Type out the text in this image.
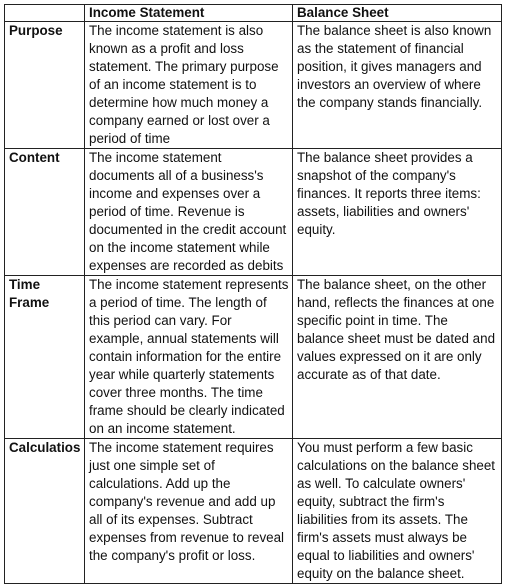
	Income Statement	Balance Sheet
Purpose	The income statement is also known as a profit and loss statement. The primary purpose of an income statement is to determine how much money a company earned or lost over a period of time	The balance sheet is also known as the statement of financial position, it gives managers and investors an overview of where the company stands financially.
Content	The income statement documents all of a business's income and expenses over a period of time. Revenue is documented in the credit account on the income statement while expenses are recorded as debits	The balance sheet provides a snapshot of the company's finances. It reports three items: assets, liabilities and owners' equity.
Time Frame	The income statement represents a period of time. The length of this period can vary. For example, annual statements will contain information for the entire year while quarterly statements cover three months. The time frame should be clearly indicated on an income statement.	The balance sheet, on the other hand, reflects the finances at one specific point in time. The balance sheet must be dated and values expressed on it are only accurate as of that date.
Calculatios	The income statement requires just one simple set of calculations. Add up the company's revenue and add up all of its expenses. Subtract expenses from revenue to reveal the company's profit or loss.	You must perform a few basic calculations on the balance sheet as well. To calculate owners' equity, subtract the firm's liabilities from its assets. The firm's assets must always be equal to liabilities and owners' equity on the balance sheet.
